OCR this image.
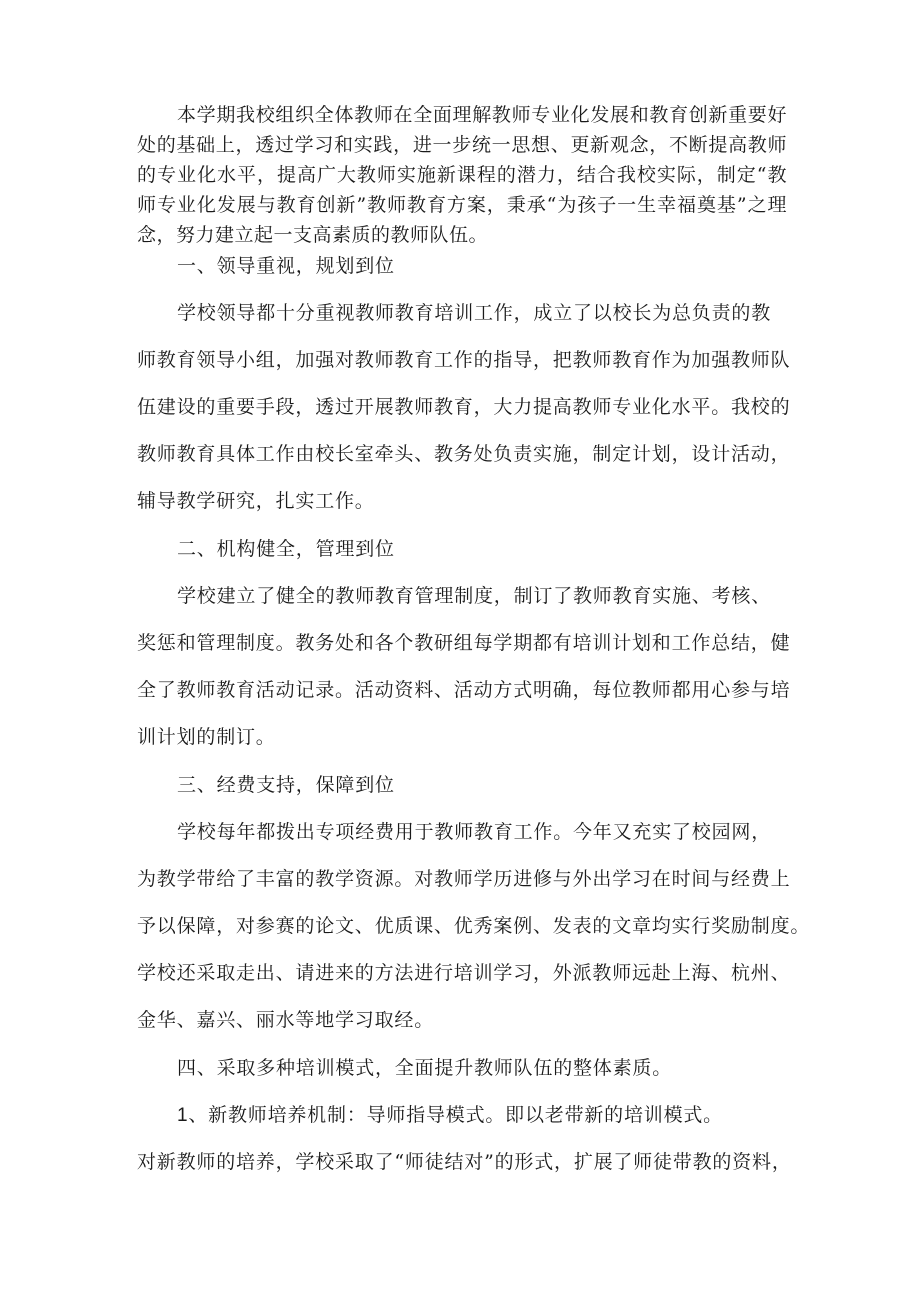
本学期我校组织全体教师在全面理解教师专业化发展和教育创新重要好处的基础上，透过学习和实践，进一步统一思想、更新观念，不断提高教师的专业化水平，提高广大教师实施新课程的潜力，结合我校实际，制定“教师专业化发展与教育创新”教师教育方案，秉承“为孩子一生幸福奠基”之理念，努力建立起一支高素质的教师队伍。

一、领导重视，规划到位

学校领导都十分重视教师教育培训工作，成立了以校长为总负责的教

师教育领导小组，加强对教师教育工作的指导，把教师教育作为加强教师队

伍建设的重要手段，透过开展教师教育，大力提高教师专业化水平。我校的

教师教育具体工作由校长室牵头、教务处负责实施，制定计划，设计活动，

辅导教学研究，扎实工作。

二、机构健全，管理到位

学校建立了健全的教师教育管理制度，制订了教师教育实施、考核、

奖惩和管理制度。教务处和各个教研组每学期都有培训计划和工作总结，健

全了教师教育活动记录。活动资料、活动方式明确，每位教师都用心参与培

训计划的制订。

三、经费支持，保障到位

学校每年都拨出专项经费用于教师教育工作。今年又充实了校园网，

为教学带给了丰富的教学资源。对教师学历进修与外出学习在时间与经费上

予以保障，对参赛的论文、优质课、优秀案例、发表的文章均实行奖励制度。

学校还采取走出、请进来的方法进行培训学习，外派教师远赴上海、杭州、

金华、嘉兴、丽水等地学习取经。

四、采取多种培训模式，全面提升教师队伍的整体素质。

1、新教师培养机制：导师指导模式。即以老带新的培训模式。

对新教师的培养，学校采取了“师徒结对”的形式，扩展了师徒带教的资料，
